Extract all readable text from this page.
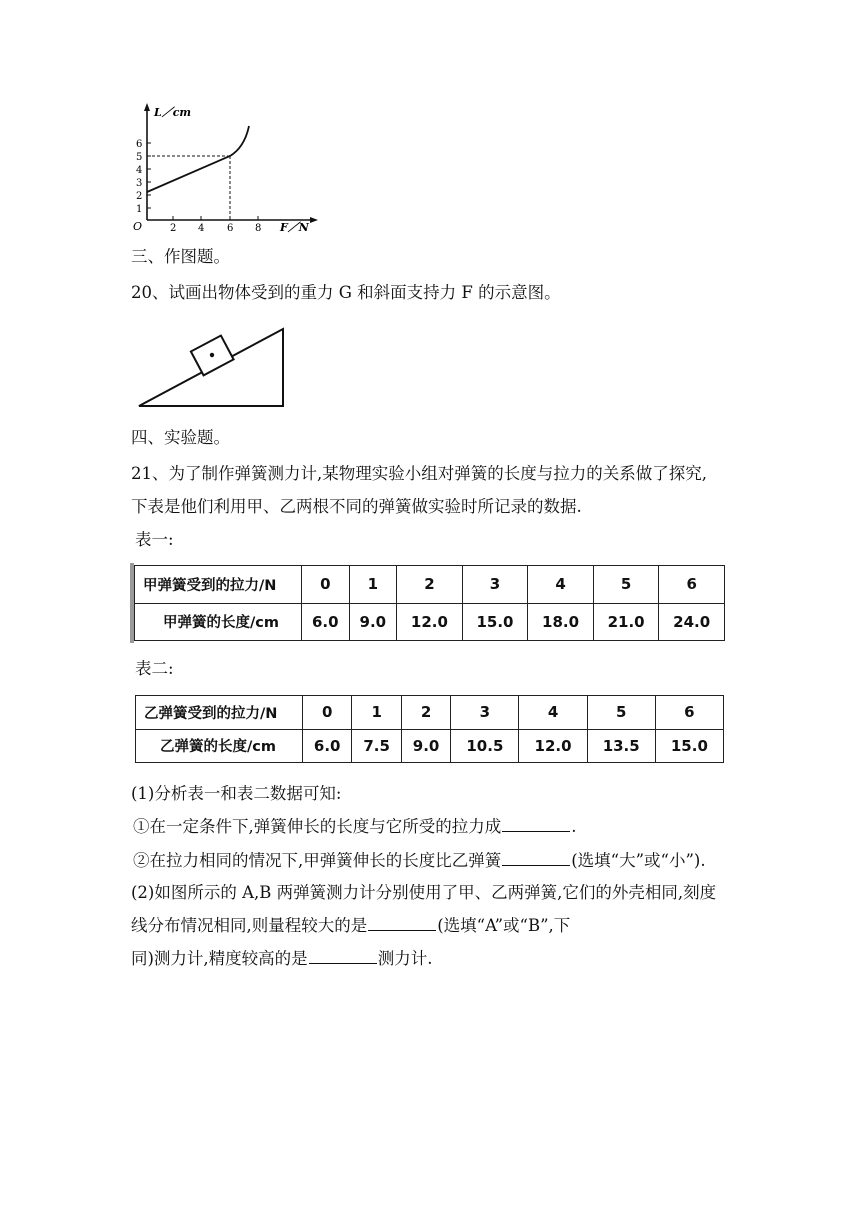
L／cm
F／N
O
1
2
3
4
5
6
2 4 6 8
三、作图题。
20、试画出物体受到的重力 G 和斜面支持力 F 的示意图。
四、实验题。
21、为了制作弹簧测力计,某物理实验小组对弹簧的长度与拉力的关系做了探究,
下表是他们利用甲、乙两根不同的弹簧做实验时所记录的数据.
表一:
甲弹簧受到的拉力/N	0	1	2	3	4	5	6
甲弹簧的长度/cm	6.0	9.0	12.0	15.0	18.0	21.0	24.0
表二:
乙弹簧受到的拉力/N	0	1	2	3	4	5	6
乙弹簧的长度/cm	6.0	7.5	9.0	10.5	12.0	13.5	15.0
(1)分析表一和表二数据可知:
①在一定条件下,弹簧伸长的长度与它所受的拉力成	.
②在拉力相同的情况下,甲弹簧伸长的长度比乙弹簧	(选填“大”或“小”).
(2)如图所示的 A,B 两弹簧测力计分别使用了甲、乙两弹簧,它们的外壳相同,刻度
线分布情况相同,则量程较大的是	(选填“A”或“B”,下
同)测力计,精度较高的是	测力计.
